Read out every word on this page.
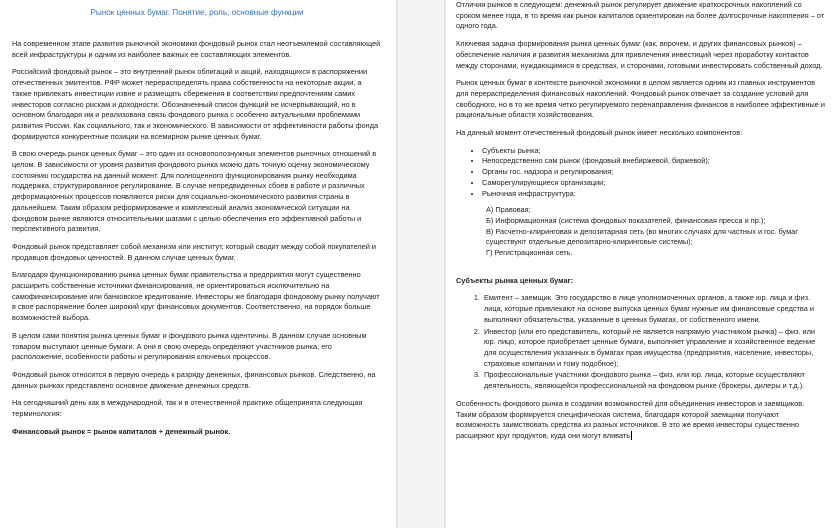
Рынок ценных бумаг. Понятие, роль, основные функции

На современном этапе развития рыночной экономики фондовый рынок стал неотъемлемой составляющей всей инфраструктуры и одним из наиболее важных ее составляющих элементов.

Российский фондовый рынок – это внутренний рынок облигаций и акций, находящихся в распоряжении отечественных эмитентов. РФР может перераспределять права собственности на некоторые акции, а также привлекать инвестиции извне и размещать сбережения в соответствии предпочтениям самих инвесторов согласно рискам и доходности. Обозначенный список функций не исчерпывающий, но в основном благодаря им и реализована связь фондового рынка с особенно актуальными проблемами развития России. Как социального, так и экономического. В зависимости от эффективности работы фонда формируются конкурентные позиции на всемирном рынке ценных бумаг.

В свою очередь рынок ценных бумаг – это один из основополознужных элементов рыночных отношений в целом. В зависимости от уровня развития фондового рынка можно дать точную оценку экономическому состоянию государства на данный момент. Для полноценного функционирования рынку необходима поддержка, структурированное регулирование. В случае непредвиденных сбоев в работе и различных деформационных процессов появляются риски для социально-экономического развития страны в дальнейшем. Таким образом реформирование и комплексный анализ экономической ситуации на фондовом рынке являются относительными шагами с целью обеспечения его эффективной работы и перспективного развития.

Фондовый рынок представляет собой механизм или институт, который сводит между собой покупателей и продавцов фондовых ценностей. В данном случае ценных бумаг.

Благодаря функционированию рынка ценных бумаг правительства и предприятия могут существенно расширить собственные источники финансирования, не ориентироваться исключительно на самофинансирование или банковское кредитование. Инвесторы же благодаря фондовому рынку получают в свое распоряжение более широкий круг финансовых документов. Соответственно, на порядок больше возможностей выбора.

В целом сами понятия рынка ценных бумаг и фондового рынка идентичны. В данном случае основным товаром выступают ценные бумаги. А они в свою очередь определяют участников рынка, его расположение, особенности работы и регулирования ключевых процессов.

Фондовый рынок относится в первую очередь к разряду денежных, финансовых рынков. Следственно, на данных рынках представлено основное движение денежных средств.

На сегодняшний день как в международной, так и в отечественной практике общепринята следующая терминология:

Финансовый рынок = рынок капиталов + денежный рынок.

Отличия рынков в следующем: денежный рынок регулирует движение краткосрочных накоплений со сроком менее года, в то время как рынок капиталов ориентирован на более долгосрочные накопления – от одного года.

Ключевая задача формирования рынка ценных бумаг (как, впрочем, и других финансовых рынков) – обеспечение наличия и развития механизма для привлечения инвестиций через проработку контактов между сторонами, нуждающимися в средствах, и сторонами, готовыми инвестировать собственный доход.

Рынок ценных бумаг в контексте рыночной экономики в целом является одним из главных инструментов для перераспределения финансовых накоплений. Фондовый рынок отвечает за создание условий для свободного, но в то же время четко регулируемого перенаправления финансов в наиболее эффективные и рациональные области хозяйствования.

На данный момент отечественный фондовый рынок имеет несколько компонентов:

• Субъекты рынка;
• Непосредственно сам рынок (фондовый внебиржевой, биржевой);
• Органы гос. надзора и регулирования;
• Саморегулирующиеся организации;
• Рыночная инфраструктура:
А) Правовая;
Б) Информационная (система фондовых показателей, финансовая пресса и пр.);
В) Расчетно-клиринговая и депозитарная сеть (во многих случаях для частных и гос. бумаг существуют отдельные депозитарно-клиринговые системы);
Г) Регистрационная сеть.
Субъекты рынка ценных бумаг:
1. Емитент – заемщик. Это государство в лице уполномоченных органов, а также юр. лица и физ. лица, которые привлекают на основе выпуска ценных бумаг нужные им финансовые средства и выполняют обязательства, указанные в ценных бумагах, от собственного имени.
2. Инвестор (или его представитель, который не является напрямую участником рынка) – физ. или юр. лицо, которое приобретает ценные бумаги, выполняет управление и хозяйственное ведение для осуществления указанных в бумагах прав имущества (предприятия, население, инвесторы, страховые компании и тому подобное);
3. Профессиональные участники фондового рынка – физ. или юр. лица, которые осуществляют деятельность, являющейся профессиональной на фондовом рынке (брокеры, дилеры и т.д.).

Особенность фондового рынка в создании возможностей для объединения инвесторов и заемщиков. Таким образом формируется специфическая система, благодаря которой заемщики получают возможность заимствовать средства из разных источников. В это же время инвесторы существенно расширяют круг продуктов, куда они могут вливать
